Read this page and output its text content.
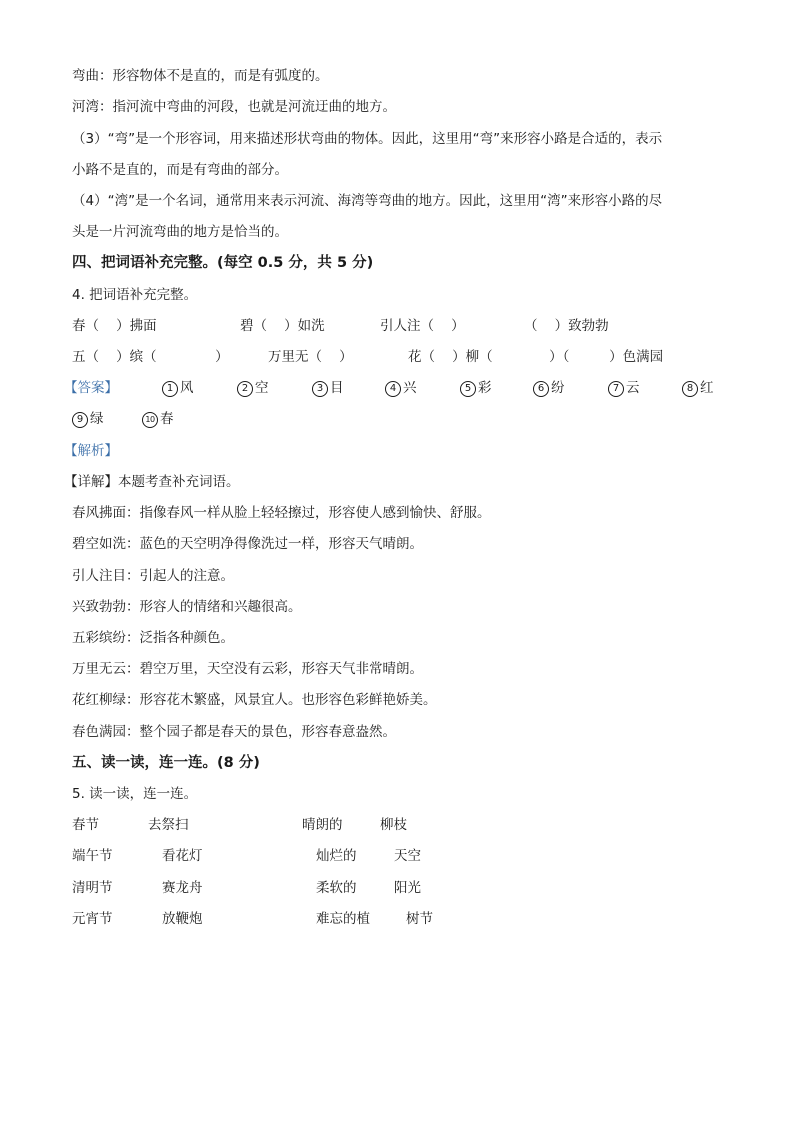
弯曲：形容物体不是直的，而是有弧度的。
河湾：指河流中弯曲的河段，也就是河流迂曲的地方。
（3）“弯”是一个形容词，用来描述形状弯曲的物体。因此，这里用“弯”来形容小路是合适的，表示
小路不是直的，而是有弯曲的部分。
（4）“湾”是一个名词，通常用来表示河流、海湾等弯曲的地方。因此，这里用“湾”来形容小路的尽
头是一片河流弯曲的地方是恰当的。
四、把词语补充完整。(每空 0.5 分，共 5 分)
4. 把词语补充完整。
春（ ）拂面	碧（ ）如洗	引人注（ ）	（ ）致勃勃
五（ ）缤（	）	万里无（ ）	花（ ）柳（	）（	）色满园
【答案】	1 风	2 空	3 目	4 兴	5 彩	6 纷	7 云	8 红
9 绿	10 春
【解析】
【详解】本题考查补充词语。
春风拂面：指像春风一样从脸上轻轻擦过，形容使人感到愉快、舒服。
碧空如洗：蓝色的天空明净得像洗过一样，形容天气晴朗。
引人注目：引起人的注意。
兴致勃勃：形容人的情绪和兴趣很高。
五彩缤纷：泛指各种颜色。
万里无云：碧空万里，天空没有云彩，形容天气非常晴朗。
花红柳绿：形容花木繁盛，风景宜人。也形容色彩鲜艳娇美。
春色满园：整个园子都是春天的景色，形容春意盎然。
五、读一读，连一连。(8 分)
5. 读一读，连一连。
春节	去祭扫	晴朗的	柳枝
端午节	看花灯	灿烂的	天空
清明节	赛龙舟	柔软的	阳光
元宵节	放鞭炮	难忘的植	树节
